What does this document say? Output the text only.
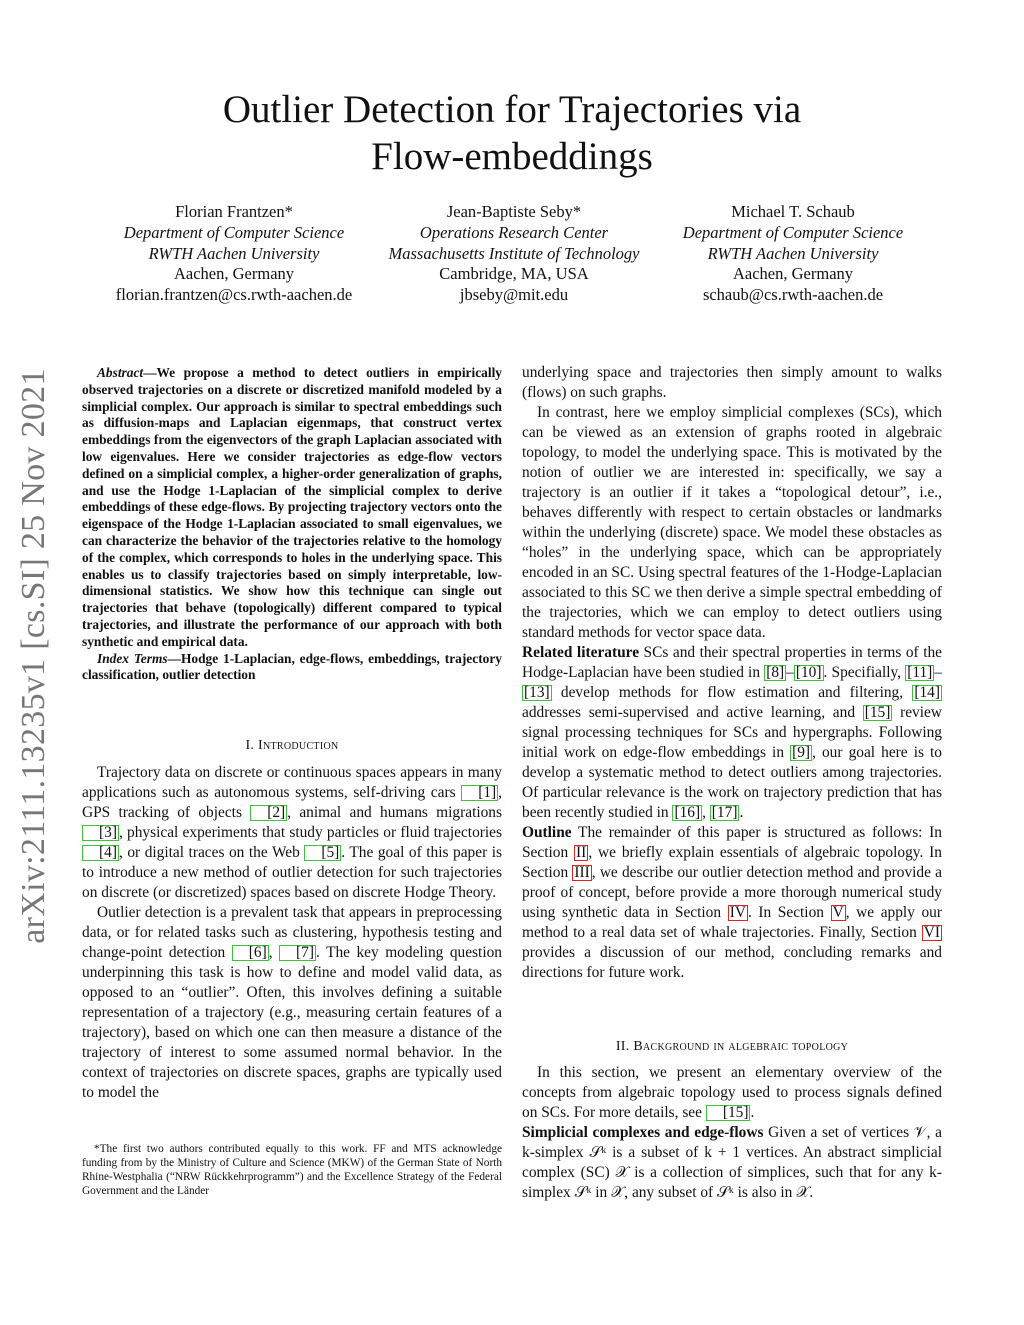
arXiv:2111.13235v1 [cs.SI] 25 Nov 2021
Outlier Detection for Trajectories via
Flow-embeddings
Florian Frantzen*
Department of Computer Science
RWTH Aachen University
Aachen, Germany
florian.frantzen@cs.rwth-aachen.de
Jean-Baptiste Seby*
Operations Research Center
Massachusetts Institute of Technology
Cambridge, MA, USA
jbseby@mit.edu
Michael T. Schaub
Department of Computer Science
RWTH Aachen University
Aachen, Germany
schaub@cs.rwth-aachen.de
Abstract—We propose a method to detect outliers in empirically observed trajectories on a discrete or discretized manifold modeled by a simplicial complex. Our approach is similar to spectral embeddings such as diffusion-maps and Laplacian eigenmaps, that construct vertex embeddings from the eigenvectors of the graph Laplacian associated with low eigenvalues. Here we consider trajectories as edge-flow vectors defined on a simplicial complex, a higher-order generalization of graphs, and use the Hodge 1-Laplacian of the simplicial complex to derive embeddings of these edge-flows. By projecting trajectory vectors onto the eigenspace of the Hodge 1-Laplacian associated to small eigenvalues, we can characterize the behavior of the trajectories relative to the homology of the complex, which corresponds to holes in the underlying space. This enables us to classify trajectories based on simply interpretable, low-dimensional statistics. We show how this technique can single out trajectories that behave (topologically) different compared to typical trajectories, and illustrate the performance of our approach with both synthetic and empirical data.
Index Terms—Hodge 1-Laplacian, edge-flows, embeddings, trajectory classification, outlier detection
I. Introduction

Trajectory data on discrete or continuous spaces appears in many applications such as autonomous systems, self-driving cars [1] , GPS tracking of objects [2] , animal and humans migrations [3] , physical experiments that study particles or fluid trajectories [4] , or digital traces on the Web [5] . The goal of this paper is to introduce a new method of outlier detection for such trajectories on discrete (or discretized) spaces based on discrete Hodge Theory.

Outlier detection is a prevalent task that appears in preprocessing data, or for related tasks such as clustering, hypothesis testing and change-point detection [6] , [7] . The key modeling question underpinning this task is how to define and model valid data, as opposed to an “outlier”. Often, this involves defining a suitable representation of a trajectory (e.g., measuring certain features of a trajectory), based on which one can then measure a distance of the trajectory of interest to some assumed normal behavior. In the context of trajectories on discrete spaces, graphs are typically used to model the

*The first two authors contributed equally to this work. FF and MTS acknowledge funding from by the Ministry of Culture and Science (MKW) of the German State of North Rhine-Westphalia (“NRW Rückkehrprogramm”) and the Excellence Strategy of the Federal Government and the Länder

underlying space and trajectories then simply amount to walks (flows) on such graphs.

In contrast, here we employ simplicial complexes (SCs), which can be viewed as an extension of graphs rooted in algebraic topology, to model the underlying space. This is motivated by the notion of outlier we are interested in: specifically, we say a trajectory is an outlier if it takes a “topological detour”, i.e., behaves differently with respect to certain obstacles or landmarks within the underlying (discrete) space. We model these obstacles as “holes” in the underlying space, which can be appropriately encoded in an SC. Using spectral features of the 1-Hodge-Laplacian associated to this SC we then derive a simple spectral embedding of the trajectories, which we can employ to detect outliers using standard methods for vector space data.

Related literature SCs and their spectral properties in terms of the Hodge-Laplacian have been studied in [8] – [10] . Specifially, [11] –[13] develop methods for flow estimation and filtering, [14] addresses semi-supervised and active learning, and [15] review signal processing techniques for SCs and hypergraphs. Following initial work on edge-flow embeddings in [9] , our goal here is to develop a systematic method to detect outliers among trajectories. Of particular relevance is the work on trajectory prediction that has been recently studied in [16] , [17] .

Outline The remainder of this paper is structured as follows: In Section II , we briefly explain essentials of algebraic topology. In Section III , we describe our outlier detection method and provide a proof of concept, before provide a more thorough numerical study using synthetic data in Section IV . In Section V , we apply our method to a real data set of whale trajectories. Finally, Section VI provides a discussion of our method, concluding remarks and directions for future work.

II. Background in algebraic topology

In this section, we present an elementary overview of the concepts from algebraic topology used to process signals defined on SCs. For more details, see [15] .

Simplicial complexes and edge-flows Given a set of vertices 𝒱, a k-simplex 𝒮ᵏ is a subset of k + 1 vertices. An abstract simplicial complex (SC) 𝒳 is a collection of simplices, such that for any k-simplex 𝒮ᵏ in 𝒳, any subset of 𝒮ᵏ is also in 𝒳.
